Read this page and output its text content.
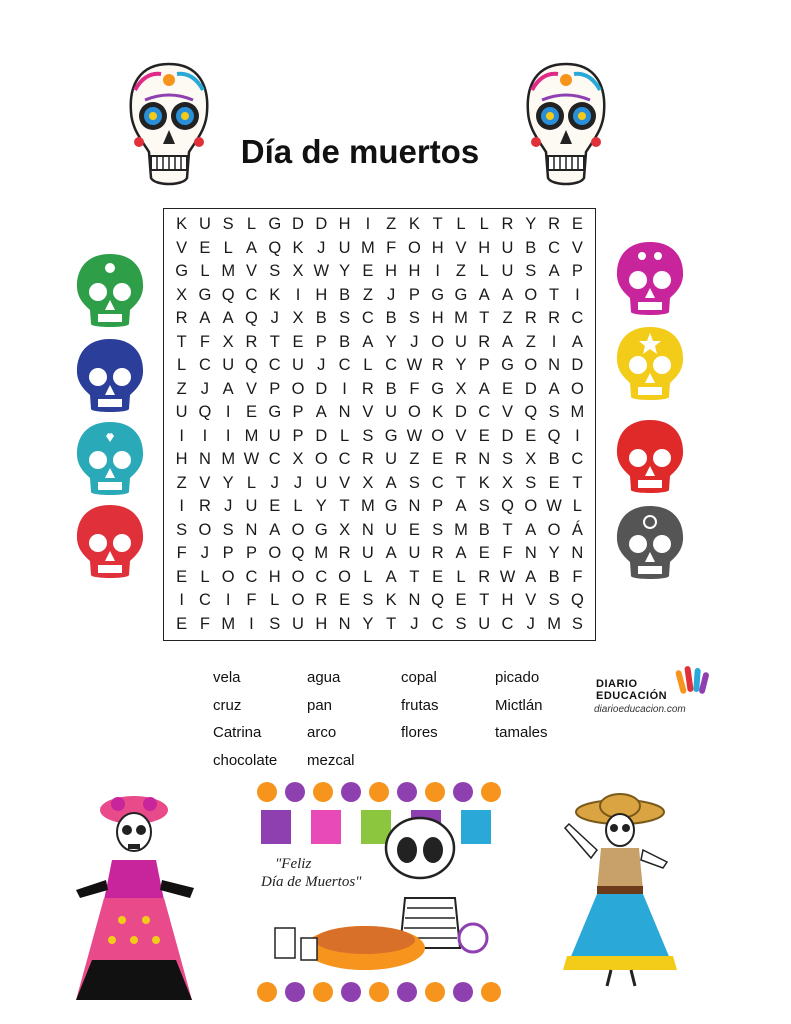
Día de muertos
K U S L G D D H I Z K T L L R Y R E
V E L A Q K J U M F O H V H U B C V
G L M V S X W Y E H H I Z L U S A P
X G Q C K I H B Z J P G G A A O T I
R A A Q J X B S C B S H M T Z R R C
T F X R T E P B A Y J O U R A Z I A
L C U Q C U J C L C W R Y P G O N D
Z J A V P O D I R B F G X A E D A O
U Q I E G P A N V U O K D C V Q S M
I	I	I M U P D L S G W O V E D E Q I
H N M W C X O C R U Z E R N S X B C
Z V Y L J J U V X A S C T K X S E T
I R J U E L Y T M G N P A S Q O W L
S O S N A O G X N U E S M B T A O Á
F J P P O Q M R U A U R A E F N Y N
E L O C H O C O L A T E L R W A B F
I C I F L O R E S K N Q E T H V S Q
E F M I S U H N Y T J C S U C J M S
vela	agua	copal	picado
cruz	pan	frutas	Mictlán
Catrina	arco	flores	tamales
chocolate	mezcal
DIARIO
EDUCACIÓN
diarioeducacion.com
"Feliz
Día de Muertos"
